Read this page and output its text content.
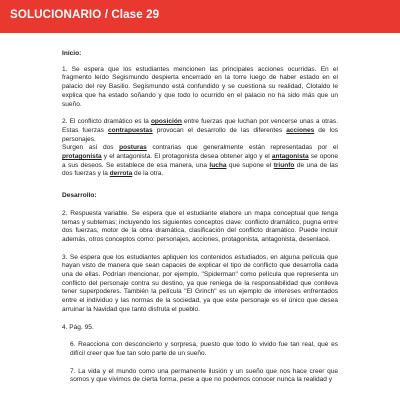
SOLUCIONARIO / Clase 29

Inicio:

1. Se espera que los estudiantes mencionen las principales acciones ocurridas. En el fragmento leído Segismundo despierta encerrado en la torre luego de haber estado en el palacio del rey Basilio. Segismundo está confundido y se cuestiona su realidad, Clotaldo le explica que ha estado soñando y que todo lo ocurrido en el palacio no ha sido más que un sueño.

2. El conflicto dramático es la oposición entre fuerzas que luchan por vencerse unas a otras. Estas fuerzas contrapuestas provocan el desarrollo de las diferentes acciones de los personajes.

Surgen así dos posturas contrarias que generalmente están representadas por el protagonista y el antagonista. El protagonista desea obtener algo y el antagonista se opone a sus deseos. Se establece de esa manera, una lucha que supone el triunfo de una de las dos fuerzas y la derrota de la otra.

Desarrollo:

2. Respuesta variable. Se espera que el estudiante elabore un mapa conceptual que tenga temas y subtemas; incluyendo los siguientes conceptos clave: conflicto dramático, pugna entre dos fuerzas, motor de la obra dramática, clasificación del conflicto dramático. Puede incluir además, otros conceptos como: personajes, acciones, protagonista, antagonista, desenlace.

3. Se espera que los estudiantes apliquen los contenidos estudiados, en alguna película que hayan visto de manera que sean capaces de explicar el tipo de conflicto que desarrolla cada una de ellas. Podrían mencionar, por ejemplo, "Spiderman" como película que representa un conflicto del personaje contra su destino, ya que reniega de la responsabilidad que conlleva tener superpoderes. También la película "El Grinch" es un ejemplo de intereses enfrentados entre el individuo y las normas de la sociedad, ya que este personaje es el único que desea arruinar la Navidad que tanto disfruta el pueblo.

4. Pág. 95.

6. Reacciona con desconcierto y sorpresa, puesto que todo lo vivido fue tan real, que es difícil creer que fue tan solo parte de un sueño.

7. La vida y el mundo como una permanente ilusión y un sueño que nos hace creer que somos y que vivimos de cierta forma, pese a que no podemos conocer nunca la realidad y
